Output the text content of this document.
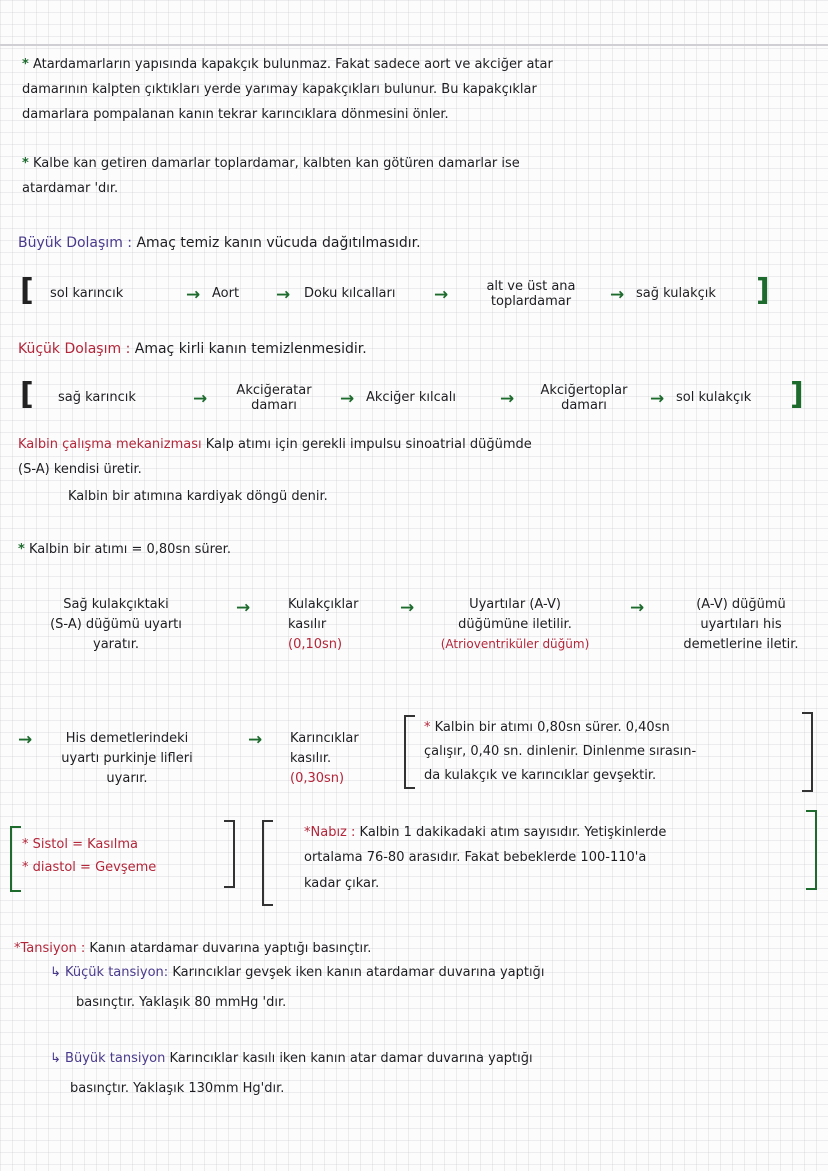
* Atardamarların yapısında kapakçık bulunmaz. Fakat sadece aort ve akciğer atar
damarının kalpten çıktıkları yerde yarımay kapakçıkları bulunur. Bu kapakçıklar
damarlara pompalanan kanın tekrar karıncıklara dönmesini önler.
* Kalbe kan getiren damarlar toplardamar, kalbten kan götüren damarlar ise
atardamar 'dır.
Büyük Dolaşım : Amaç temiz kanın vücuda dağıtılmasıdır.
[ sol karıncık	→ Aort → Doku kılcalları →	alt ve üst ana
toplardamar	→ sağ kulakçık ]
Küçük Dolaşım : Amaç kirli kanın temizlenmesidir.
[ sağ karıncık	→	Akciğeratar
damarı	→ Akciğer kılcalı	→	Akciğertoplar
damarı	→ sol kulakçık ]
Kalbin çalışma mekanizması Kalp atımı için gerekli impulsu sinoatrial düğümde
(S-A) kendisi üretir.
Kalbin bir atımına kardiyak döngü denir.
* Kalbin bir atımı = 0,80sn sürer.
Sağ kulakçıktaki
(S-A) düğümü uyartı
yaratır.
→	Kulakçıklar
kasılır
(0,10sn)
→	Uyartılar (A-V)
düğümüne iletilir.
(Atrioventriküler düğüm)
→	(A-V) düğümü
uyartıları his
demetlerine iletir.
→	His demetlerindeki
uyartı purkinje lifleri
uyarır.
→ Karıncıklar
kasılır.
(0,30sn)
* Kalbin bir atımı 0,80sn sürer. 0,40sn
çalışır, 0,40 sn. dinlenir. Dinlenme sırasın-
da kulakçık ve karıncıklar gevşektir.
* Sistol = Kasılma
* diastol = Gevşeme
*Nabız : Kalbin 1 dakikadaki atım sayısıdır. Yetişkinlerde
ortalama 76-80 arasıdır. Fakat bebeklerde 100-110'a
kadar çıkar.
*Tansiyon : Kanın atardamar duvarına yaptığı basınçtır.
↳ Küçük tansiyon: Karıncıklar gevşek iken kanın atardamar duvarına yaptığı
basınçtır. Yaklaşık 80 mmHg 'dır.
↳ Büyük tansiyon Karıncıklar kasılı iken kanın atar damar duvarına yaptığı
basınçtır. Yaklaşık 130mm Hg'dır.
